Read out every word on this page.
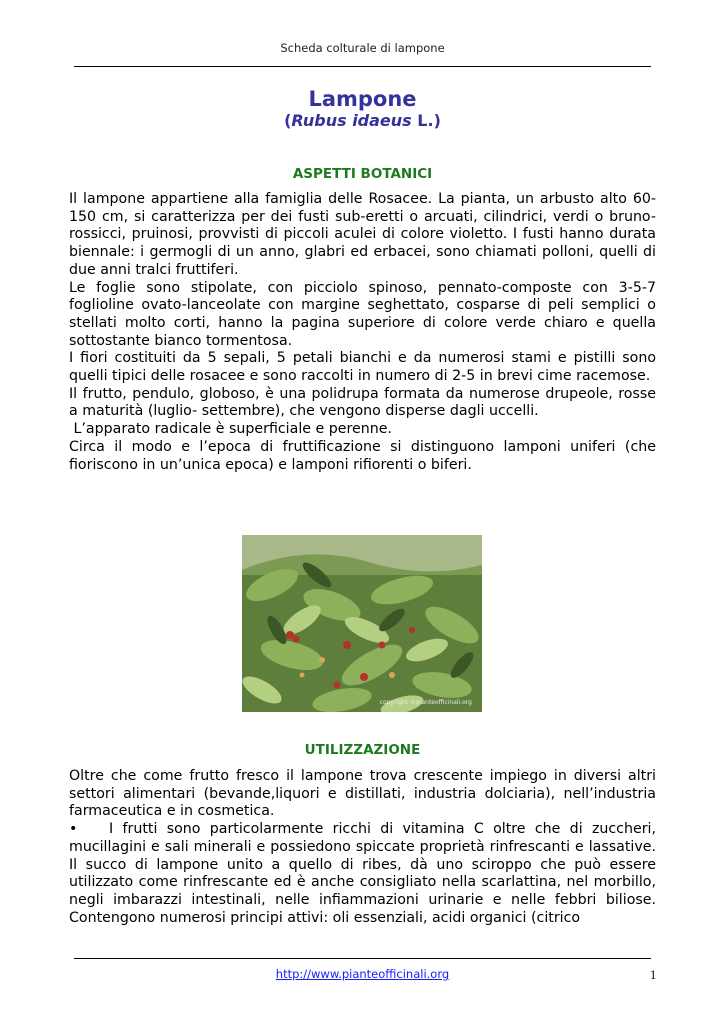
Scheda colturale di lampone
Lampone
(Rubus idaeus L.)
ASPETTI BOTANICI

Il lampone appartiene alla famiglia delle Rosacee. La pianta, un arbusto alto 60-150 cm, si caratterizza per dei fusti sub-eretti o arcuati, cilindrici, verdi o bruno-rossicci, pruinosi, provvisti di piccoli aculei di colore violetto. I fusti hanno durata biennale: i germogli di un anno, glabri ed erbacei, sono chiamati polloni, quelli di due anni tralci fruttiferi.

Le foglie sono stipolate, con picciolo spinoso, pennato-composte con 3-5-7 foglioline ovato-lanceolate con margine seghettato, cosparse di peli semplici o stellati molto corti, hanno la pagina superiore di colore verde chiaro e quella sottostante bianco tormentosa.

I fiori costituiti da 5 sepali, 5 petali bianchi e da numerosi stami e pistilli sono quelli tipici delle rosacee e sono raccolti in numero di 2-5 in brevi cime racemose.

Il frutto, pendulo, globoso, è una polidrupa formata da numerose drupeole, rosse a maturità (luglio- settembre), che vengono disperse dagli uccelli.

L’apparato radicale è superficiale e perenne.

Circa il modo e l’epoca di fruttificazione si distinguono lamponi uniferi (che fioriscono in un’unica epoca) e lamponi rifiorenti o biferi.

copyright ©pianteofficinali.org
UTILIZZAZIONE

Oltre che come frutto fresco il lampone trova crescente impiego in diversi altri settori alimentari (bevande,liquori e distillati, industria dolciaria), nell’industria farmaceutica e in cosmetica.

• I frutti sono particolarmente ricchi di vitamina C oltre che di zuccheri, mucillagini e sali minerali e possiedono spiccate proprietà rinfrescanti e lassative. Il succo di lampone unito a quello di ribes, dà uno sciroppo che può essere utilizzato come rinfrescante ed è anche consigliato nella scarlattina, nel morbillo, negli imbarazzi intestinali, nelle infiammazioni urinarie e nelle febbri biliose. Contengono numerosi principi attivi: oli essenziali, acidi organici (citrico

http://www.pianteofficinali.org	1
